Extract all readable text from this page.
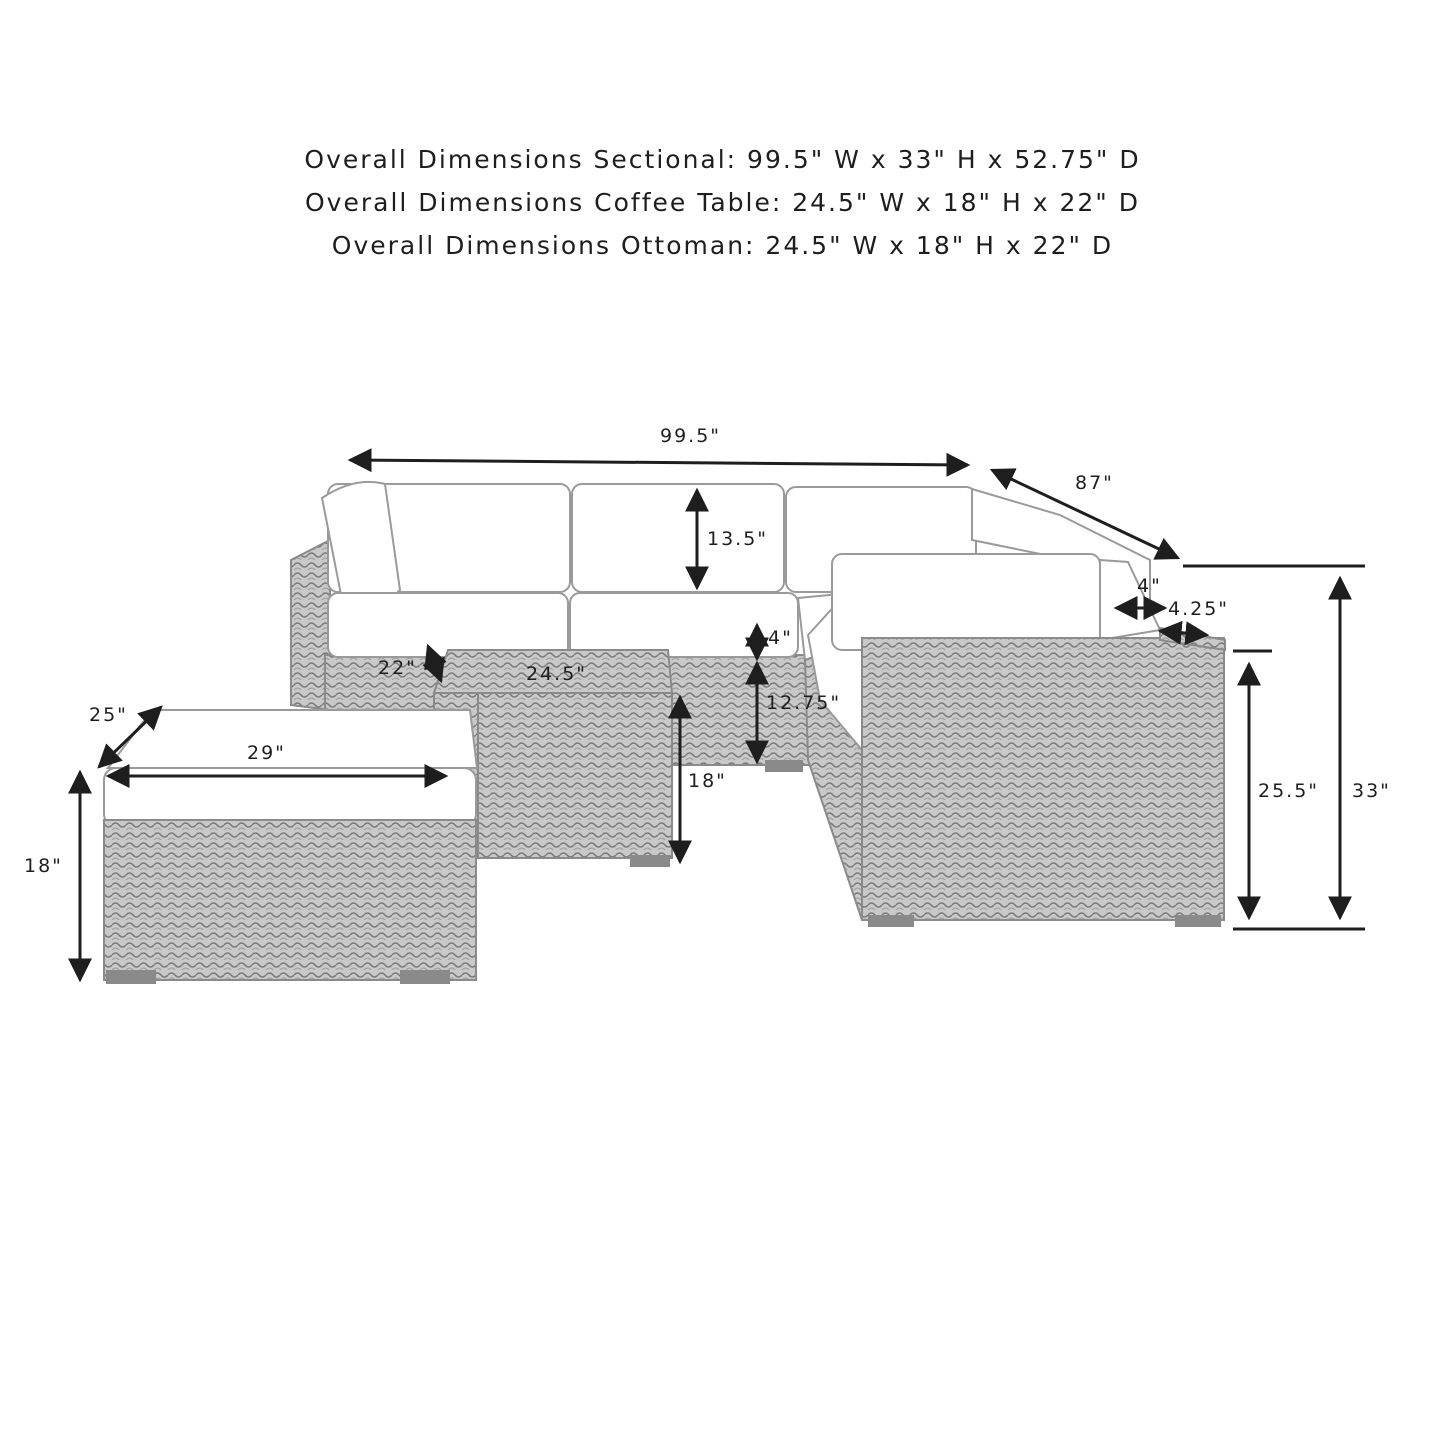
Overall Dimensions Sectional: 99.5" W x 33" H x 52.75" D
Overall Dimensions Coffee Table: 24.5" W x 18" H x 22" D
Overall Dimensions Ottoman: 24.5" W x 18" H x 22" D
99.5"
87"
13.5"
4"
12.75"
4"
4.25"
25.5" 33"
22"	24.5"
18"
25"
29"
18"
